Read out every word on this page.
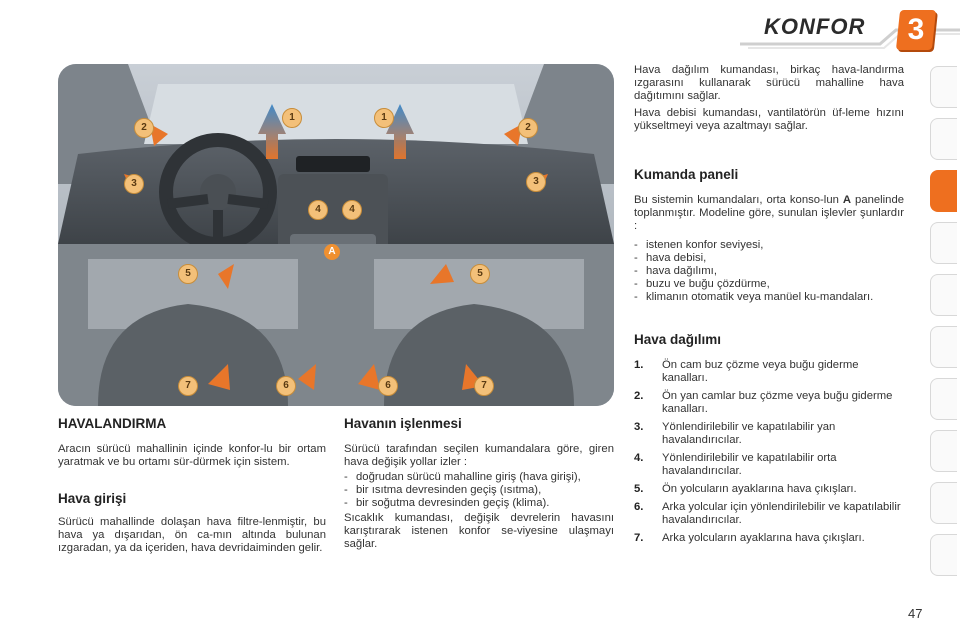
KONFOR	3
1	1
2	2
3	3
4	4
5	5
6	6
7	7
A
HAVALANDIRMA

Aracın sürücü mahallinin içinde konfor-lu bir ortam yaratmak ve bu ortamı sür-dürmek için sistem.

Hava girişi

Sürücü mahallinde dolaşan hava filtre-lenmiştir, bu hava ya dışarıdan, ön ca-mın altında bulunan ızgaradan, ya da içeriden, hava devridaiminden gelir.

Havanın işlenmesi

Sürücü tarafından seçilen kumandalara göre, giren hava değişik yollar izler :

- doğrudan sürücü mahalline giriş (hava girişi),
- bir ısıtma devresinden geçiş (ısıtma),
- bir soğutma devresinden geçiş (klima).

Sıcaklık kumandası, değişik devrelerin havasını karıştırarak istenen konfor se-viyesine ulaşmayı sağlar.

Hava dağılım kumandası, birkaç hava-landırma ızgarasını kullanarak sürücü mahalline hava dağıtımını sağlar.

Hava debisi kumandası, vantilatörün üf-leme hızını yükseltmeyi veya azaltmayı sağlar.

Kumanda paneli

Bu sistemin kumandaları, orta konso-lun A panelinde toplanmıştır. Modeline göre, sunulan işlevler şunlardır :

- istenen konfor seviyesi,
- hava debisi,
- hava dağılımı,
- buzu ve buğu çözdürme,
- klimanın otomatik veya manüel ku-mandaları.
Hava dağılımı
1. Ön cam buz çözme veya buğu giderme kanalları.
2. Ön yan camlar buz çözme veya buğu giderme kanalları.
3. Yönlendirilebilir ve kapatılabilir yan havalandırıcılar.
4. Yönlendirilebilir ve kapatılabilir orta havalandırıcılar.
5. Ön yolcuların ayaklarına hava çıkışları.
6. Arka yolcular için yönlendirilebilir ve kapatılabilir havalandırıcılar.
7. Arka yolcuların ayaklarına hava çıkışları.
47
